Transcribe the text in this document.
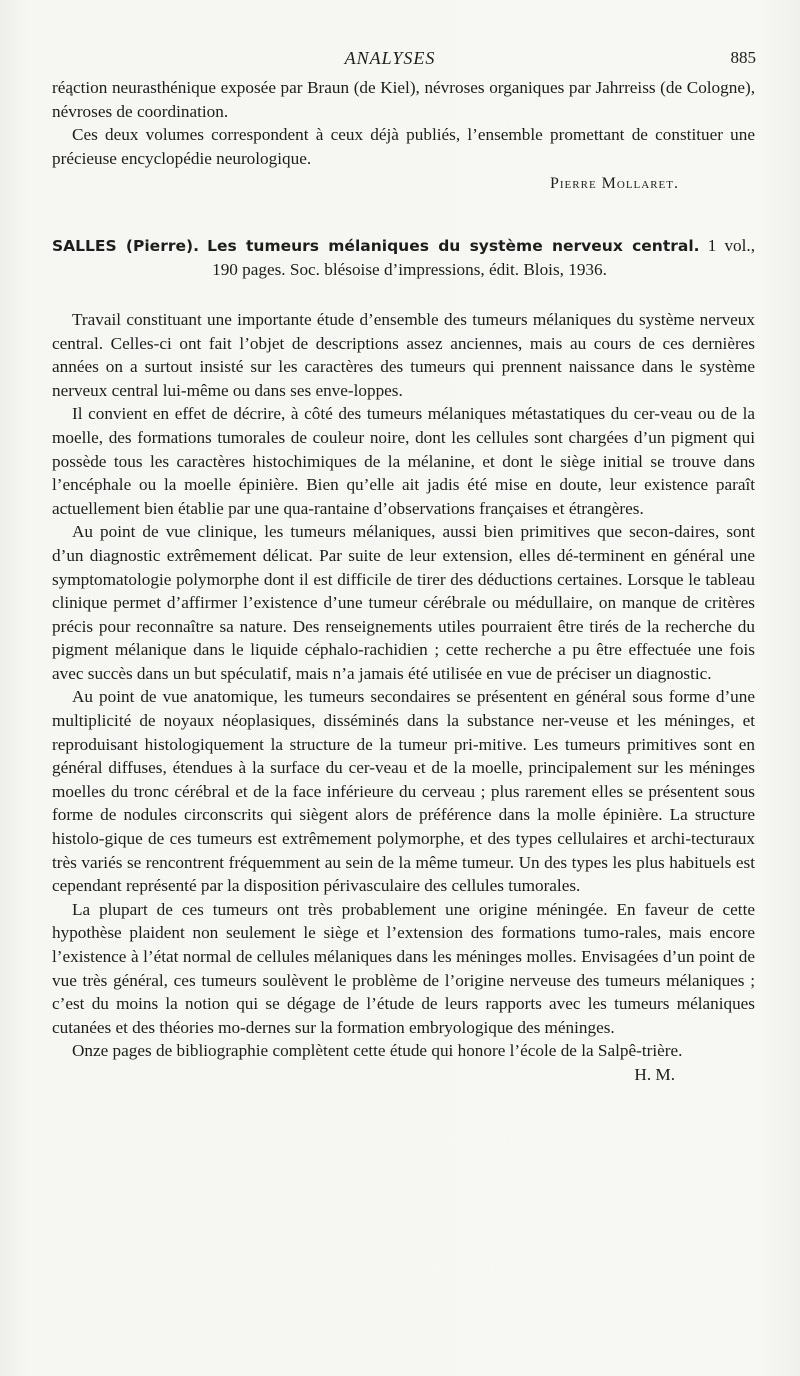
ANALYSES	885

réaction neurasthénique exposée par Braun (de Kiel), névroses organiques par Jahrreiss (de Cologne), névroses de coordination.

Ces deux volumes correspondent à ceux déjà publiés, l’ensemble promettant de constituer une précieuse encyclopédie neurologique.

Pierre Mollaret.

SALLES (Pierre). Les tumeurs mélaniques du système nerveux central. 1 vol.,
190 pages. Soc. blésoise d’impressions, édit. Blois, 1936.

Travail constituant une importante étude d’ensemble des tumeurs mélaniques du système nerveux central. Celles-ci ont fait l’objet de descriptions assez anciennes, mais au cours de ces dernières années on a surtout insisté sur les caractères des tumeurs qui prennent naissance dans le système nerveux central lui-même ou dans ses enve-loppes.

Il convient en effet de décrire, à côté des tumeurs mélaniques métastatiques du cer-veau ou de la moelle, des formations tumorales de couleur noire, dont les cellules sont chargées d’un pigment qui possède tous les caractères histochimiques de la mélanine, et dont le siège initial se trouve dans l’encéphale ou la moelle épinière. Bien qu’elle ait jadis été mise en doute, leur existence paraît actuellement bien établie par une qua-rantaine d’observations françaises et étrangères.

Au point de vue clinique, les tumeurs mélaniques, aussi bien primitives que secon-daires, sont d’un diagnostic extrêmement délicat. Par suite de leur extension, elles dé-terminent en général une symptomatologie polymorphe dont il est difficile de tirer des déductions certaines. Lorsque le tableau clinique permet d’affirmer l’existence d’une tumeur cérébrale ou médullaire, on manque de critères précis pour reconnaître sa nature. Des renseignements utiles pourraient être tirés de la recherche du pigment mélanique dans le liquide céphalo-rachidien ; cette recherche a pu être effectuée une fois avec succès dans un but spéculatif, mais n’a jamais été utilisée en vue de préciser un diagnostic.

Au point de vue anatomique, les tumeurs secondaires se présentent en général sous forme d’une multiplicité de noyaux néoplasiques, disséminés dans la substance ner-veuse et les méninges, et reproduisant histologiquement la structure de la tumeur pri-mitive. Les tumeurs primitives sont en général diffuses, étendues à la surface du cer-veau et de la moelle, principalement sur les méninges moelles du tronc cérébral et de la face inférieure du cerveau ; plus rarement elles se présentent sous forme de nodules circonscrits qui siègent alors de préférence dans la molle épinière. La structure histolo-gique de ces tumeurs est extrêmement polymorphe, et des types cellulaires et archi-tecturaux très variés se rencontrent fréquemment au sein de la même tumeur. Un des types les plus habituels est cependant représenté par la disposition périvasculaire des cellules tumorales.

La plupart de ces tumeurs ont très probablement une origine méningée. En faveur de cette hypothèse plaident non seulement le siège et l’extension des formations tumo-rales, mais encore l’existence à l’état normal de cellules mélaniques dans les méninges molles. Envisagées d’un point de vue très général, ces tumeurs soulèvent le problème de l’origine nerveuse des tumeurs mélaniques ; c’est du moins la notion qui se dégage de l’étude de leurs rapports avec les tumeurs mélaniques cutanées et des théories mo-dernes sur la formation embryologique des méninges.

Onze pages de bibliographie complètent cette étude qui honore l’école de la Salpê-trière.

H. M.
